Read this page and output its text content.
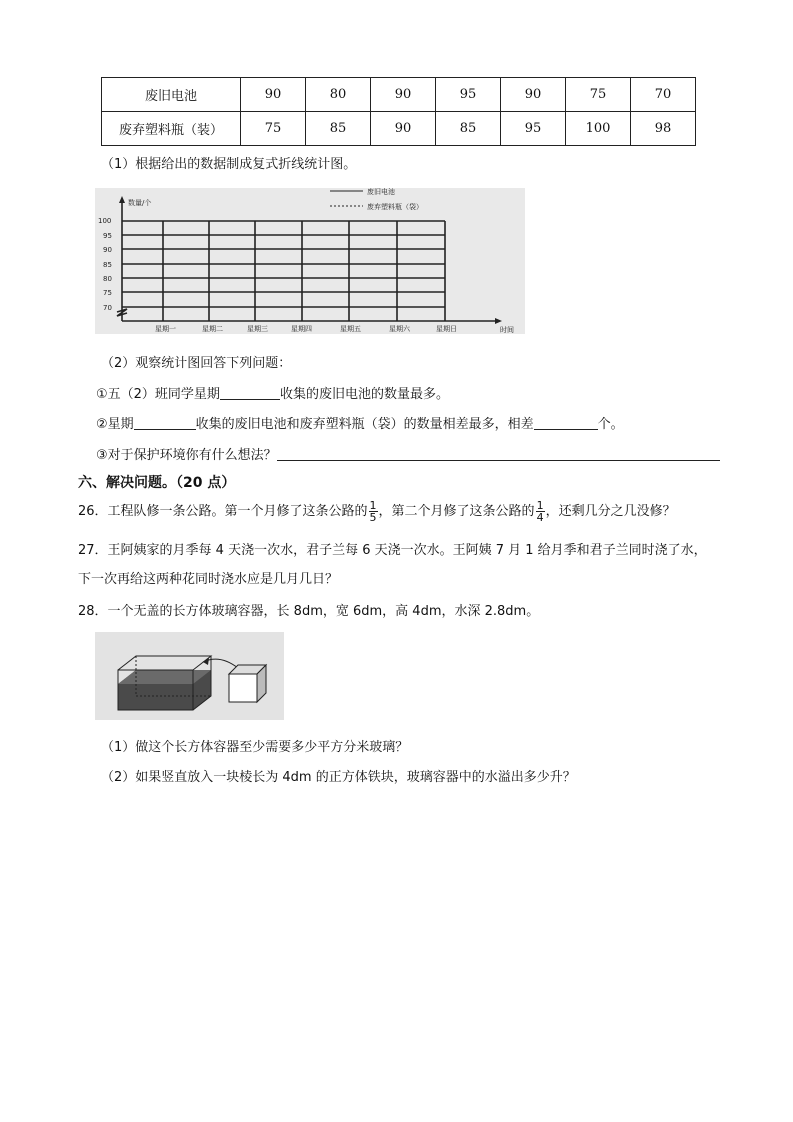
废旧电池	90	80	90	95	90	75	70
废弃塑料瓶（装）	75	85	90	85	95	100	98
（1）根据给出的数据制成复式折线统计图。
数量/个
100
95
90
85
80
75
70
星期一	星期二	星期三	星期四	星期五	星期六	星期日	时间
废旧电池
废弃塑料瓶（袋）
（2）观察统计图回答下列问题：
①五（2）班同学星期	收集的废旧电池的数量最多。
②星期	收集的废旧电池和废弃塑料瓶（袋）的数量相差最多，相差	个。
③对于保护环境你有什么想法？
六、解决问题。（20 点）
26．工程队修一条公路。第一个月修了这条公路的 $\frac{1}{5}$ ，第二个月修了这条公路的 $\frac{1}{4}$ ，还剩几分之几没修？
27．王阿姨家的月季每 4 天浇一次水，君子兰每 6 天浇一次水。王阿姨 7 月 1 给月季和君子兰同时浇了水，
下一次再给这两种花同时浇水应是几月几日？
28．一个无盖的长方体玻璃容器，长 8dm，宽 6dm，高 4dm，水深 2.8dm。
（1）做这个长方体容器至少需要多少平方分米玻璃？
（2）如果竖直放入一块棱长为 4dm 的正方体铁块，玻璃容器中的水溢出多少升？
